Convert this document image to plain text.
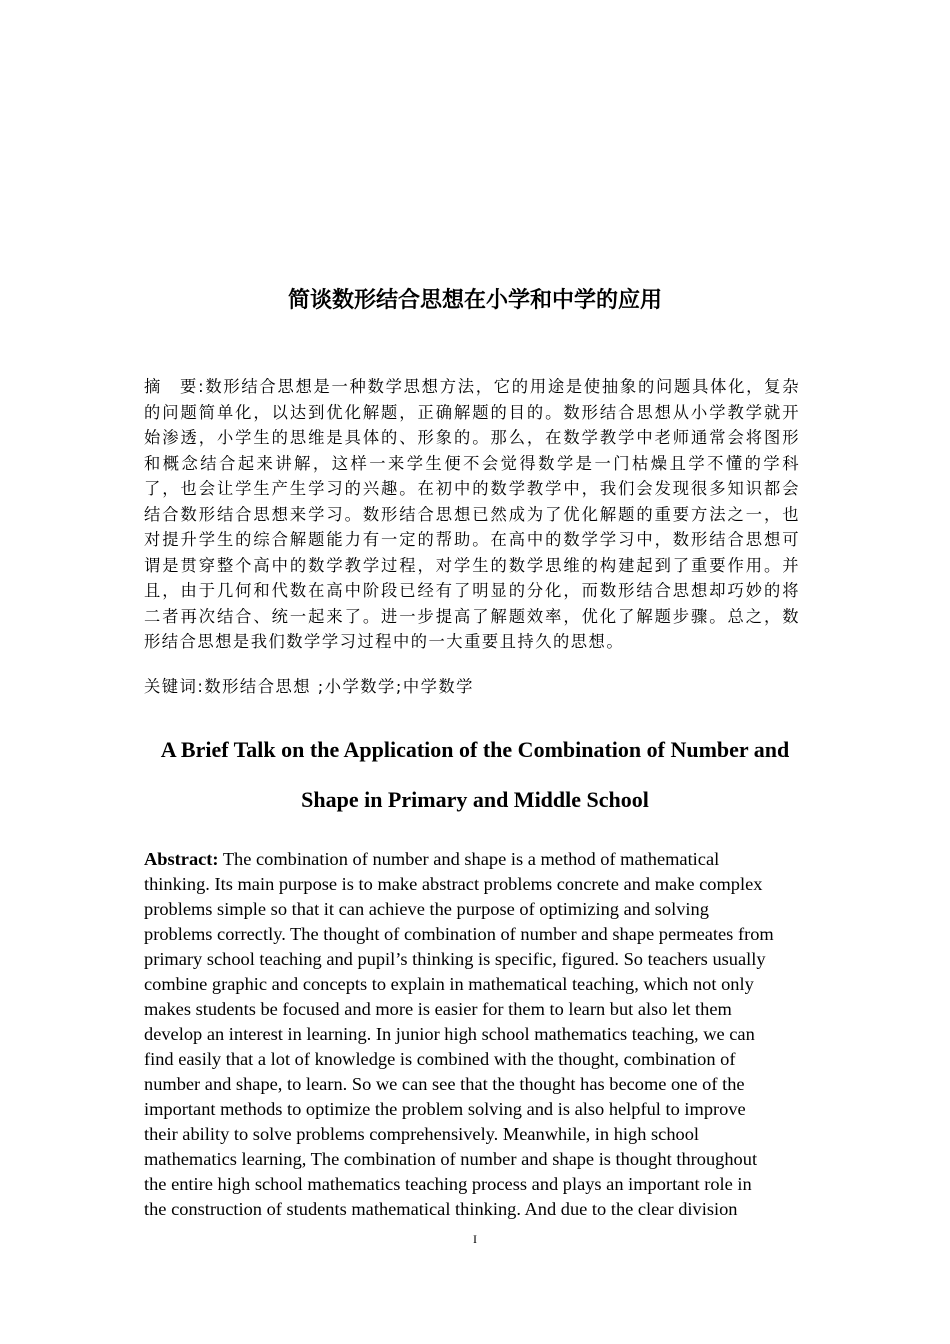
简谈数形结合思想在小学和中学的应用

摘　要:数形结合思想是一种数学思想方法，它的用途是使抽象的问题具体化，复杂的问题简单化，以达到优化解题，正确解题的目的。数形结合思想从小学教学就开始渗透，小学生的思维是具体的、形象的。那么，在数学教学中老师通常会将图形和概念结合起来讲解，这样一来学生便不会觉得数学是一门枯燥且学不懂的学科了，也会让学生产生学习的兴趣。在初中的数学教学中，我们会发现很多知识都会结合数形结合思想来学习。数形结合思想已然成为了优化解题的重要方法之一，也对提升学生的综合解题能力有一定的帮助。在高中的数学学习中，数形结合思想可谓是贯穿整个高中的数学教学过程，对学生的数学思维的构建起到了重要作用。并且，由于几何和代数在高中阶段已经有了明显的分化，而数形结合思想却巧妙的将二者再次结合、统一起来了。进一步提高了解题效率，优化了解题步骤。总之，数形结合思想是我们数学学习过程中的一大重要且持久的思想。

关键词:数形结合思想 ;小学数学;中学数学

A Brief Talk on the Application of the Combination of Number and
Shape in Primary and Middle School
Abstract: The combination of number and shape is a method of mathematical
thinking. Its main purpose is to make abstract problems concrete and make complex
problems simple so that it can achieve the purpose of optimizing and solving
problems correctly. The thought of combination of number and shape permeates from
primary school teaching and pupil’s thinking is specific, figured. So teachers usually
combine graphic and concepts to explain in mathematical teaching, which not only
makes students be focused and more is easier for them to learn but also let them
develop an interest in learning. In junior high school mathematics teaching, we can
find easily that a lot of knowledge is combined with the thought, combination of
number and shape, to learn. So we can see that the thought has become one of the
important methods to optimize the problem solving and is also helpful to improve
their ability to solve problems comprehensively. Meanwhile, in high school
mathematics learning, The combination of number and shape is thought throughout
the entire high school mathematics teaching process and plays an important role in
the construction of students mathematical thinking. And due to the clear division
I
